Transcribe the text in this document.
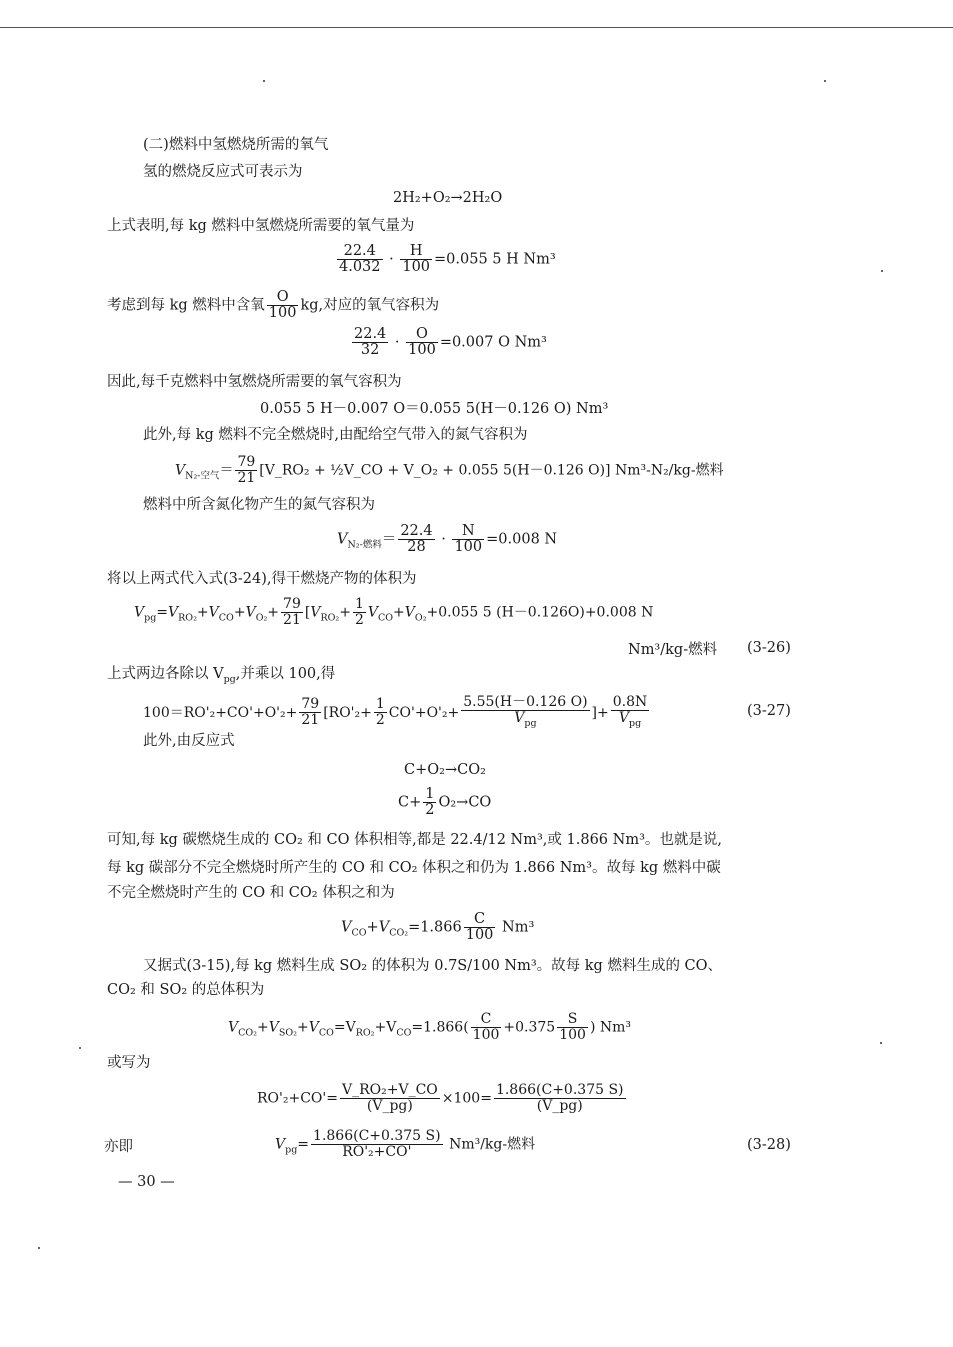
(二)燃料中氢燃烧所需的氧气
氢的燃烧反应式可表示为
2H₂+O₂→2H₂O
上式表明,每 kg 燃料中氢燃烧所需要的氧气量为
$\frac{22.4}{4.032} \cdot \frac{H}{100} =0.055$ 5 H Nm³
考虑到每 kg 燃料中含氧 $\frac{O}{100}$ kg,对应的氧气容积为
$\frac{22.4}{32} \cdot \frac{O}{100} =0.007$ O Nm³
因此,每千克燃料中氢燃烧所需要的氧气容积为
0.055 5 H－0.007 O＝0.055 5(H－0.126 O) Nm³
此外,每 kg 燃料不完全燃烧时,由配给空气带入的氮气容积为
$V_{N_2-空气}= \frac{79}{21}$ [V_RO₂ + ½V_CO + V_O₂ + 0.055 5(H－0.126 O)] Nm³-N₂/kg-燃料
燃料中所含氮化物产生的氮气容积为
$V_{N_2-燃料}= \frac{22.4}{28} \cdot \frac{N}{100} =0.008$ N
将以上两式代入式(3-24),得干燃烧产物的体积为
$V_{pg}=V_{RO_2}+V_{CO}+V_{O_2}+ \frac{79}{21} [V_{RO_2}+ \frac{1}{2} V_{CO}+V_{O_2}+0.055$ 5 (H－0.126O)+0.008 N
Nm³/kg-燃料 (3-26)
上式两边各除以 $V_{pg}$,并乘以 100,得
$100=RO'_2+CO'+O'_2+ \frac{79}{21} [RO'_2+ \frac{1}{2} CO'+O'_2+$
5.55(H－0.126 O)
$V_{pg}$
]+
0.8N
$V_{pg}$
(3-27)
此外,由反应式
C+O₂→CO₂
$C+ \frac{1}{2} O_2\to CO$
可知,每 kg 碳燃烧生成的 CO₂ 和 CO 体积相等,都是 22.4/12 Nm³,或 1.866 Nm³。也就是说,
每 kg 碳部分不完全燃烧时所产生的 CO 和 CO₂ 体积之和仍为 1.866 Nm³。故每 kg 燃料中碳
不完全燃烧时产生的 CO 和 CO₂ 体积之和为
$V_{CO}+V_{CO_2}=1.866 \frac{C}{100} Nm^3$
又据式(3-15),每 kg 燃料生成 SO₂ 的体积为 0.7S/100 Nm³。故每 kg 燃料生成的 CO、
CO₂ 和 SO₂ 的总体积为
$V_{CO_2}+V_{SO_2}+V_{CO}=V_{RO_2}+V_{CO}=1.866( \frac{C}{100} +0.375 \frac{S}{100}$ ) Nm³
或写为
$RO'_2+CO'= \frac{\text{V\_RO₂+V\_CO}}{(V\_pg)} \times 100= \frac{1.866(C+0.375 S)}{(V\_pg)}$
亦即	$V_{pg}= \frac{1.866(C+0.375 S)}{\text{RO'₂+CO'}} Nm^3/kg-$燃料	(3-28)
— 30 —
